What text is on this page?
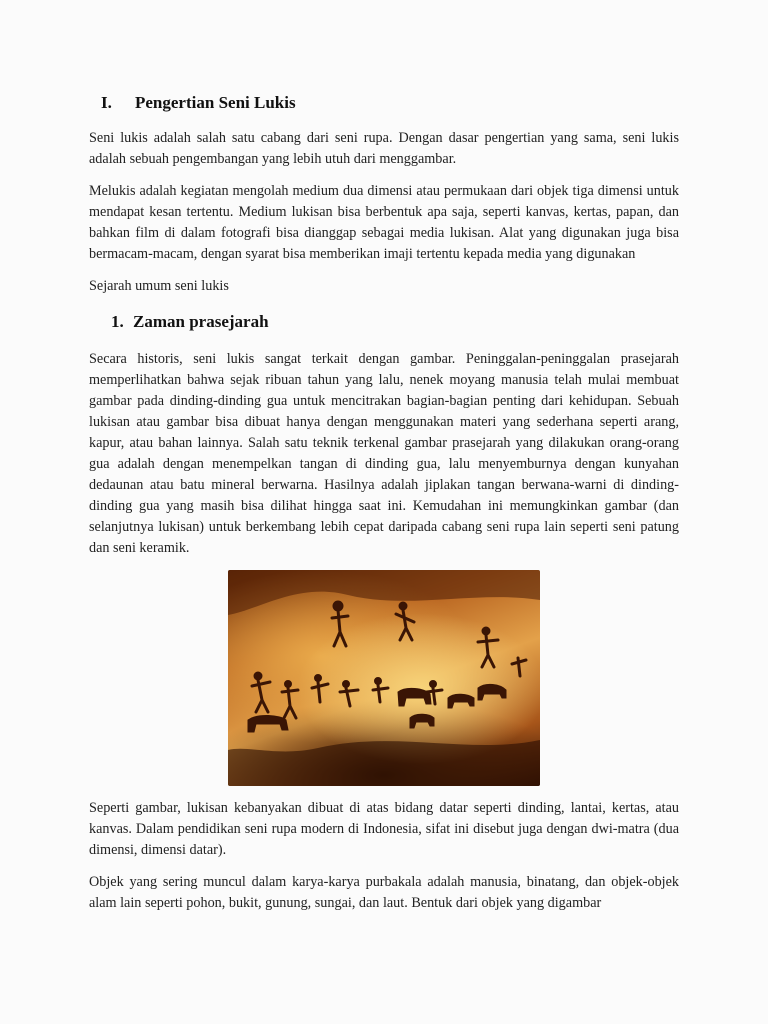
I.	Pengertian Seni Lukis

Seni lukis adalah salah satu cabang dari seni rupa. Dengan dasar pengertian yang sama, seni lukis adalah sebuah pengembangan yang lebih utuh dari menggambar.

Melukis adalah kegiatan mengolah medium dua dimensi atau permukaan dari objek tiga dimensi untuk mendapat kesan tertentu. Medium lukisan bisa berbentuk apa saja, seperti kanvas, kertas, papan, dan bahkan film di dalam fotografi bisa dianggap sebagai media lukisan. Alat yang digunakan juga bisa bermacam-macam, dengan syarat bisa memberikan imaji tertentu kepada media yang digunakan

Sejarah umum seni lukis

1. Zaman prasejarah

Secara historis, seni lukis sangat terkait dengan gambar. Peninggalan-peninggalan prasejarah memperlihatkan bahwa sejak ribuan tahun yang lalu, nenek moyang manusia telah mulai membuat gambar pada dinding-dinding gua untuk mencitrakan bagian-bagian penting dari kehidupan. Sebuah lukisan atau gambar bisa dibuat hanya dengan menggunakan materi yang sederhana seperti arang, kapur, atau bahan lainnya. Salah satu teknik terkenal gambar prasejarah yang dilakukan orang-orang gua adalah dengan menempelkan tangan di dinding gua, lalu menyemburnya dengan kunyahan dedaunan atau batu mineral berwarna. Hasilnya adalah jiplakan tangan berwana-warni di dinding-dinding gua yang masih bisa dilihat hingga saat ini. Kemudahan ini memungkinkan gambar (dan selanjutnya lukisan) untuk berkembang lebih cepat daripada cabang seni rupa lain seperti seni patung dan seni keramik.

Seperti gambar, lukisan kebanyakan dibuat di atas bidang datar seperti dinding, lantai, kertas, atau kanvas. Dalam pendidikan seni rupa modern di Indonesia, sifat ini disebut juga dengan dwi-matra (dua dimensi, dimensi datar).

Objek yang sering muncul dalam karya-karya purbakala adalah manusia, binatang, dan objek-objek alam lain seperti pohon, bukit, gunung, sungai, dan laut. Bentuk dari objek yang digambar
